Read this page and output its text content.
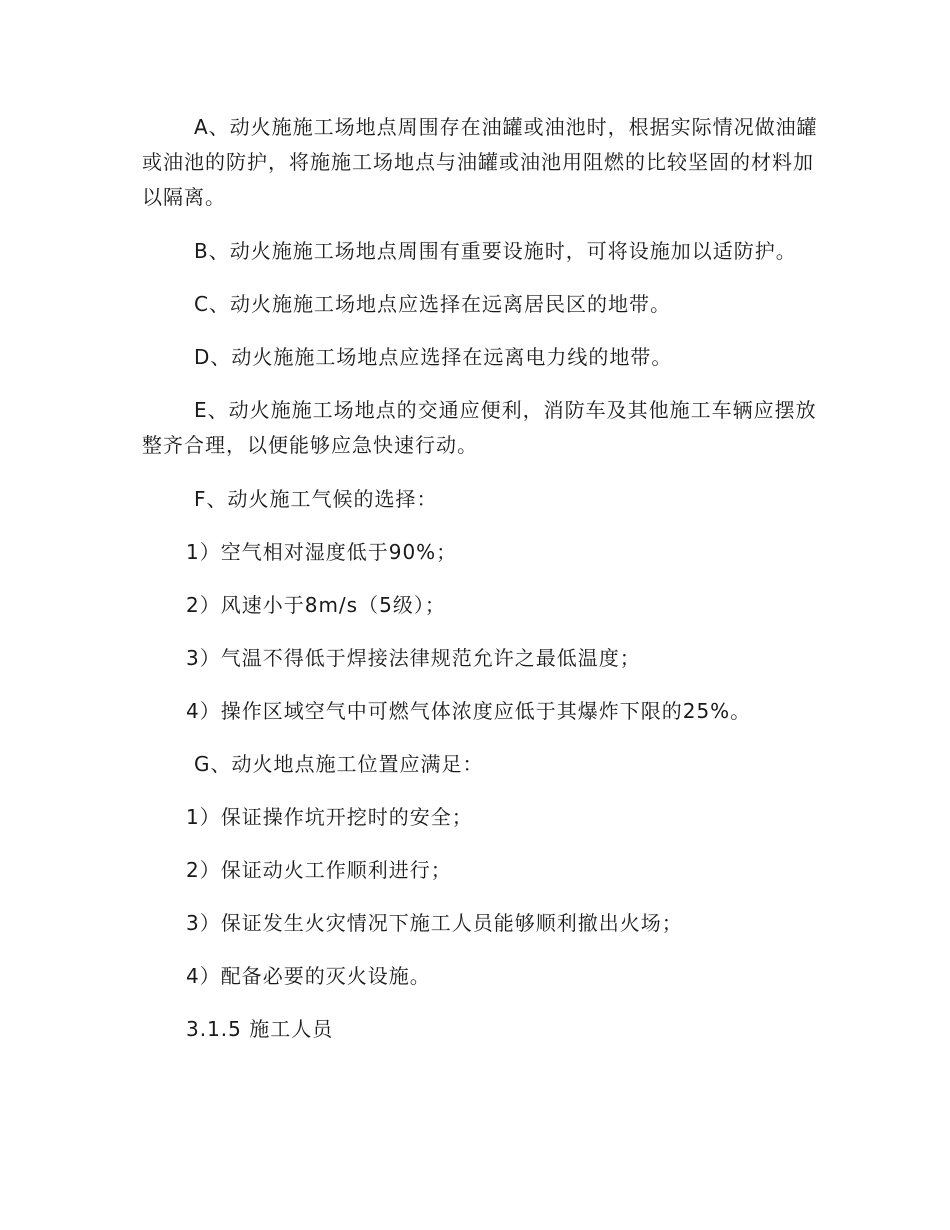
A、动火施施工场地点周围存在油罐或油池时，根据实际情况做油罐或油池的防护，将施施工场地点与油罐或油池用阻燃的比较坚固的材料加以隔离。

B、动火施施工场地点周围有重要设施时，可将设施加以适防护。

C、动火施施工场地点应选择在远离居民区的地带。

D、动火施施工场地点应选择在远离电力线的地带。

E、动火施施工场地点的交通应便利，消防车及其他施工车辆应摆放整齐合理，以便能够应急快速行动。

F、动火施工气候的选择：

1）空气相对湿度低于90%；

2）风速小于8m/s（5级）；

3）气温不得低于焊接法律规范允许之最低温度；

4）操作区域空气中可燃气体浓度应低于其爆炸下限的25%。

G、动火地点施工位置应满足：

1）保证操作坑开挖时的安全；

2）保证动火工作顺利进行；

3）保证发生火灾情况下施工人员能够顺利撤出火场；

4）配备必要的灭火设施。

3.1.5 施工人员
